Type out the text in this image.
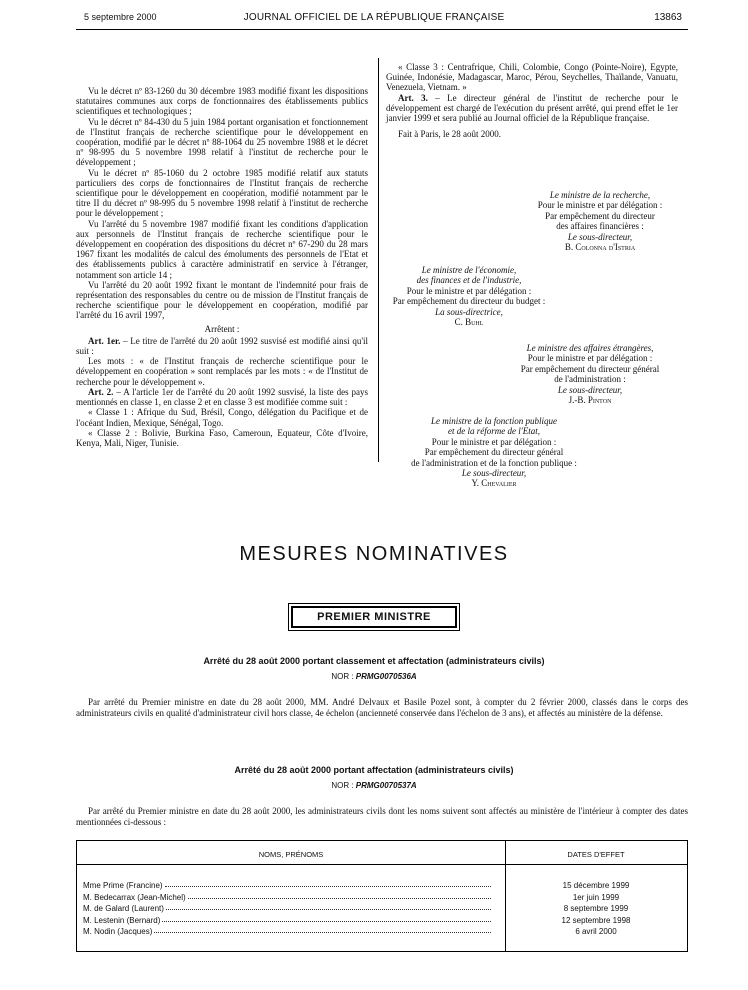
5 septembre 2000	JOURNAL OFFICIEL DE LA RÉPUBLIQUE FRANÇAISE	13863

Vu le décret nº 83-1260 du 30 décembre 1983 modifié fixant les dispositions statutaires communes aux corps de fonctionnaires des établissements publics scientifiques et technologiques ;

Vu le décret nº 84-430 du 5 juin 1984 portant organisation et fonctionnement de l'Institut français de recherche scientifique pour le développement en coopération, modifié par le décret nº 88-1064 du 25 novembre 1988 et le décret nº 98-995 du 5 novembre 1998 relatif à l'institut de recherche pour le développement ;

Vu le décret nº 85-1060 du 2 octobre 1985 modifié relatif aux statuts particuliers des corps de fonctionnaires de l'Institut français de recherche scientifique pour le développement en coopération, modifié notamment par le titre II du décret nº 98-995 du 5 novembre 1998 relatif à l'institut de recherche pour le développement ;

Vu l'arrêté du 5 novembre 1987 modifié fixant les conditions d'application aux personnels de l'Institut français de recherche scientifique pour le développement en coopération des dispositions du décret nº 67-290 du 28 mars 1967 fixant les modalités de calcul des émoluments des personnels de l'Etat et des établissements publics à caractère administratif en service à l'étranger, notamment son article 14 ;

Vu l'arrêté du 20 août 1992 fixant le montant de l'indemnité pour frais de représentation des responsables du centre ou de mission de l'Institut français de recherche scientifique pour le développement en coopération, modifié par l'arrêté du 16 avril 1997,

Arrêtent :

Art. 1er. – Le titre de l'arrêté du 20 août 1992 susvisé est modifié ainsi qu'il suit :

Les mots : « de l'Institut français de recherche scientifique pour le développement en coopération » sont remplacés par les mots : « de l'Institut de recherche pour le développement ».

Art. 2. – A l'article 1er de l'arrêté du 20 août 1992 susvisé, la liste des pays mentionnés en classe 1, en classe 2 et en classe 3 est modifiée comme suit :

« Classe 1 : Afrique du Sud, Brésil, Congo, délégation du Pacifique et de l'océant Indien, Mexique, Sénégal, Togo.

« Classe 2 : Bolivie, Burkina Faso, Cameroun, Equateur, Côte d'Ivoire, Kenya, Mali, Niger, Tunisie.

« Classe 3 : Centrafrique, Chili, Colombie, Congo (Pointe-Noire), Egypte, Guinée, Indonésie, Madagascar, Maroc, Pérou, Seychelles, Thaïlande, Vanuatu, Venezuela, Vietnam. »

Art. 3. – Le directeur général de l'institut de recherche pour le développement est chargé de l'exécution du présent arrêté, qui prend effet le 1er janvier 1999 et sera publié au Journal officiel de la République française.

Fait à Paris, le 28 août 2000.

Le ministre de la recherche,
Pour le ministre et par délégation :
Par empêchement du directeur
des affaires financières :
Le sous-directeur,
B. Colonna d'Istria
Le ministre de l'économie,
des finances et de l'industrie,
Pour le ministre et par délégation :
Par empêchement du directeur du budget :
La sous-directrice,
C. Buhl
Le ministre des affaires étrangères,
Pour le ministre et par délégation :
Par empêchement du directeur général
de l'administration :
Le sous-directeur,
J.-B. Pinton
Le ministre de la fonction publique
et de la réforme de l'Etat,
Pour le ministre et par délégation :
Par empêchement du directeur général
de l'administration et de la fonction publique :
Le sous-directeur,
Y. Chevalier
MESURES NOMINATIVES
PREMIER MINISTRE
Arrêté du 28 août 2000 portant classement et affectation (administrateurs civils)
NOR : PRMG0070536A

Par arrêté du Premier ministre en date du 28 août 2000, MM. André Delvaux et Basile Pozel sont, à compter du 2 février 2000, classés dans le corps des administrateurs civils en qualité d'administrateur civil hors classe, 4e échelon (ancienneté conservée dans l'échelon de 3 ans), et affectés au ministère de la défense.

Arrêté du 28 août 2000 portant affectation (administrateurs civils)
NOR : PRMG0070537A

Par arrêté du Premier ministre en date du 28 août 2000, les administrateurs civils dont les noms suivent sont affectés au ministère de l'intérieur à compter des dates mentionnées ci-dessous :

NOMS, PRÉNOMS	DATES D'EFFET
Mme Prime (Francine)	15 décembre 1999
M. Bedecarrax (Jean-Michel)	1er juin 1999
M. de Galard (Laurent)	8 septembre 1999
M. Lestenin (Bernard)	12 septembre 1998
M. Nodin (Jacques)	6 avril 2000
